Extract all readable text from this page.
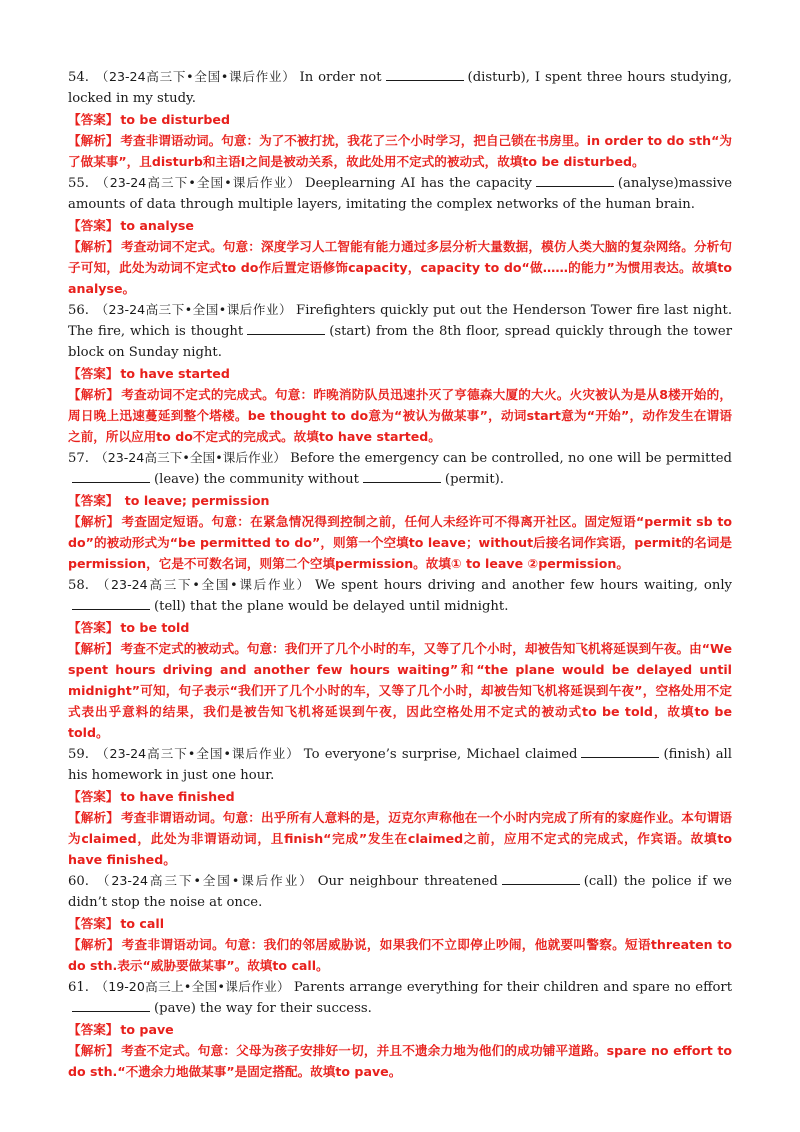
54. （23-24高三下•全国•课后作业） In order not	(disturb), I spent three hours studying, locked in my study.
【答案】 to be disturbed
【解析】 考查非谓语动词。句意：为了不被打扰，我花了三个小时学习，把自己锁在书房里。in order to do sth“为了做某事”，且disturb和主语I之间是被动关系，故此处用不定式的被动式，故填to be disturbed。
55. （23-24高三下•全国•课后作业） Deeplearning AI has the capacity	(analyse)massive amounts of data through multiple layers, imitating the complex networks of the human brain.
【答案】 to analyse
【解析】 考查动词不定式。句意：深度学习人工智能有能力通过多层分析大量数据，模仿人类大脑的复杂网络。分析句子可知，此处为动词不定式to do作后置定语修饰capacity，capacity to do“做……的能力”为惯用表达。故填to analyse。
56. （23-24高三下•全国•课后作业） Firefighters quickly put out the Henderson Tower fire last night. The fire, which is thought	(start) from the 8th floor, spread quickly through the tower block on Sunday night.
【答案】 to have started
【解析】 考查动词不定式的完成式。句意：昨晚消防队员迅速扑灭了亨德森大厦的大火。火灾被认为是从8楼开始的，周日晚上迅速蔓延到整个塔楼。be thought to do意为“被认为做某事”，动词start意为“开始”，动作发生在谓语之前，所以应用to do不定式的完成式。故填to have started。
57. （23-24高三下•全国•课后作业） Before the emergency can be controlled, no one will be permitted(leave) the community without	(permit).
【答案】 to leave; permission
【解析】 考查固定短语。句意：在紧急情况得到控制之前，任何人未经许可不得离开社区。固定短语“permit sb to do”的被动形式为“be permitted to do”，则第一个空填to leave；without后接名词作宾语，permit的名词是permission，它是不可数名词，则第二个空填permission。故填① to leave ②permission。
58. （23-24高三下•全国•课后作业） We spent hours driving and another few hours waiting, only(tell) that the plane would be delayed until midnight.
【答案】 to be told
【解析】 考查不定式的被动式。句意：我们开了几个小时的车，又等了几个小时，却被告知飞机将延误到午夜。由“We spent hours driving and another few hours waiting”和“the plane would be delayed until midnight”可知，句子表示“我们开了几个小时的车，又等了几个小时，却被告知飞机将延误到午夜”，空格处用不定式表出乎意料的结果，我们是被告知飞机将延误到午夜，因此空格处用不定式的被动式to be told，故填to be told。
59. （23-24高三下•全国•课后作业） To everyone’s surprise, Michael claimed	(finish) all his homework in just one hour.
【答案】 to have finished
【解析】 考查非谓语动词。句意：出乎所有人意料的是，迈克尔声称他在一个小时内完成了所有的家庭作业。本句谓语为claimed，此处为非谓语动词，且finish“完成”发生在claimed之前，应用不定式的完成式，作宾语。故填to have finished。
60. （23-24高三下•全国•课后作业） Our neighbour threatened	(call) the police if we didn’t stop the noise at once.
【答案】 to call
【解析】 考查非谓语动词。句意：我们的邻居威胁说，如果我们不立即停止吵闹，他就要叫警察。短语threaten to do sth.表示“威胁要做某事”。故填to call。
61. （19-20高三上•全国•课后作业） Parents arrange everything for their children and spare no effort(pave) the way for their success.
【答案】 to pave
【解析】 考查不定式。句意：父母为孩子安排好一切，并且不遗余力地为他们的成功铺平道路。spare no effort to do sth.“不遗余力地做某事”是固定搭配。故填to pave。
